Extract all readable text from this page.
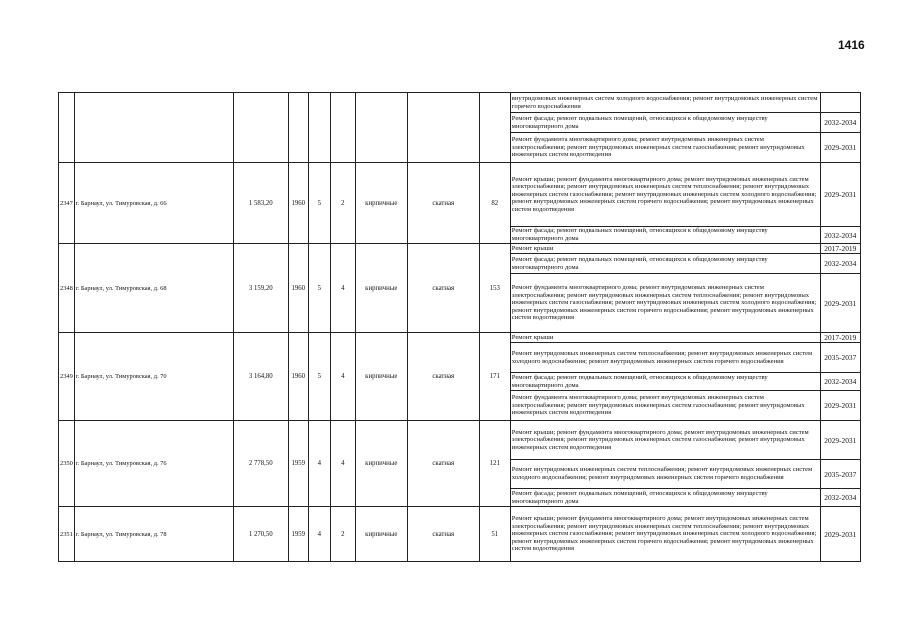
1416
									внутридомовых инженерных систем холодного водоснабжения; ремонт внутридомовых инженерных систем горячего водоснабжения	
									Ремонт фасада; ремонт подвальных помещений, относящихся к общедомовому имуществу многоквартирного дома	2032-2034
									Ремонт фундамента многоквартирного дома; ремонт внутридомовых инженерных систем электроснабжения; ремонт внутридомовых инженерных систем газоснабжения; ремонт внутридомовых инженерных систем водоотведения	2029-2031
2347	г. Барнаул, ул. Тимуровская, д. 66	1 583,20	1960	5	2	кирпичные	скатная	82	Ремонт крыши; ремонт фундамента многоквартирного дома; ремонт внутридомовых инженерных систем электроснабжения; ремонт внутридомовых инженерных систем теплоснабжения; ремонт внутридомовых инженерных систем газоснабжения; ремонт внутридомовых инженерных систем холодного водоснабжения; ремонт внутридомовых инженерных систем горячего водоснабжения; ремонт внутридомовых инженерных систем водоотведения	2029-2031
									Ремонт фасада; ремонт подвальных помещений, относящихся к общедомовому имуществу многоквартирного дома	2032-2034
2348	г. Барнаул, ул. Тимуровская, д. 68	3 159,20	1960	5	4	кирпичные	скатная	153	Ремонт крыши	2017-2019
									Ремонт фасада; ремонт подвальных помещений, относящихся к общедомовому имуществу многоквартирного дома	2032-2034
									Ремонт фундамента многоквартирного дома; ремонт внутридомовых инженерных систем электроснабжения; ремонт внутридомовых инженерных систем теплоснабжения; ремонт внутридомовых инженерных систем газоснабжения; ремонт внутридомовых инженерных систем холодного водоснабжения; ремонт внутридомовых инженерных систем горячего водоснабжения; ремонт внутридомовых инженерных систем водоотведения	2029-2031
2349	г. Барнаул, ул. Тимуровская, д. 70	3 164,80	1960	5	4	кирпичные	скатная	171	Ремонт крыши	2017-2019
									Ремонт внутридомовых инженерных систем теплоснабжения; ремонт внутридомовых инженерных систем холодного водоснабжения; ремонт внутридомовых инженерных систем горячего водоснабжения	2035-2037
									Ремонт фасада; ремонт подвальных помещений, относящихся к общедомовому имуществу многоквартирного дома	2032-2034
									Ремонт фундамента многоквартирного дома; ремонт внутридомовых инженерных систем электроснабжения; ремонт внутридомовых инженерных систем газоснабжения; ремонт внутридомовых инженерных систем водоотведения	2029-2031
2350	г. Барнаул, ул. Тимуровская, д. 76	2 778,50	1959	4	4	кирпичные	скатная	121	Ремонт крыши; ремонт фундамента многоквартирного дома; ремонт внутридомовых инженерных систем электроснабжения; ремонт внутридомовых инженерных систем газоснабжения; ремонт внутридомовых инженерных систем водоотведения	2029-2031
									Ремонт внутридомовых инженерных систем теплоснабжения; ремонт внутридомовых инженерных систем холодного водоснабжения; ремонт внутридомовых инженерных систем горячего водоснабжения	2035-2037
									Ремонт фасада; ремонт подвальных помещений, относящихся к общедомовому имуществу многоквартирного дома	2032-2034
2351	г. Барнаул, ул. Тимуровская, д. 78	1 270,50	1959	4	2	кирпичные	скатная	51	Ремонт крыши; ремонт фундамента многоквартирного дома; ремонт внутридомовых инженерных систем электроснабжения; ремонт внутридомовых инженерных систем теплоснабжения; ремонт внутридомовых инженерных систем газоснабжения; ремонт внутридомовых инженерных систем холодного водоснабжения; ремонт внутридомовых инженерных систем горячего водоснабжения; ремонт внутридомовых инженерных систем водоотведения	2029-2031
